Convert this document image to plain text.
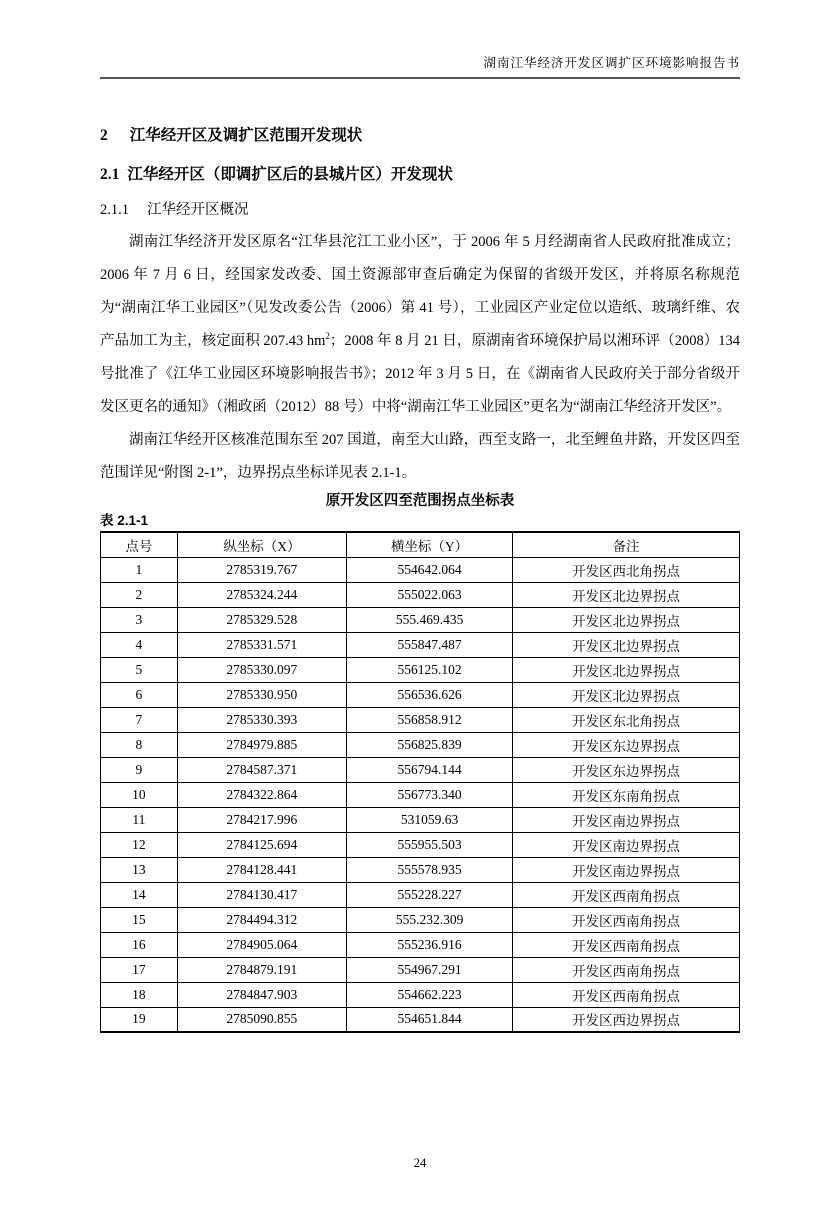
湖南江华经济开发区调扩区环境影响报告书
2 江华经开区及调扩区范围开发现状
2.1 江华经开区（即调扩区后的县城片区）开发现状
2.1.1 江华经开区概况

湖南江华经济开发区原名“江华县沱江工业小区”，于 2006 年 5 月经湖南省人民政府批准成立；2006 年 7 月 6 日，经国家发改委、国土资源部审查后确定为保留的省级开发区，并将原名称规范为“湖南江华工业园区”（见发改委公告（2006）第 41 号），工业园区产业定位以造纸、玻璃纤维、农产品加工为主，核定面积 207.43 $hm^2$；2008 年 8 月 21 日，原湖南省环境保护局以湘环评（2008）134 号批准了《江华工业园区环境影响报告书》；2012 年 3 月 5 日，在《湖南省人民政府关于部分省级开发区更名的通知》（湘政函（2012）88 号）中将“湖南江华工业园区”更名为“湖南江华经济开发区”。

湖南江华经开区核准范围东至 207 国道，南至大山路，西至支路一，北至鲤鱼井路，开发区四至范围详见“附图 2-1”，边界拐点坐标详见表 2.1-1。

原开发区四至范围拐点坐标表
表 2.1-1
点号	纵坐标（X）	横坐标（Y）	备注
1	2785319.767	554642.064	开发区西北角拐点
2	2785324.244	555022.063	开发区北边界拐点
3	2785329.528	555.469.435	开发区北边界拐点
4	2785331.571	555847.487	开发区北边界拐点
5	2785330.097	556125.102	开发区北边界拐点
6	2785330.950	556536.626	开发区北边界拐点
7	2785330.393	556858.912	开发区东北角拐点
8	2784979.885	556825.839	开发区东边界拐点
9	2784587.371	556794.144	开发区东边界拐点
10	2784322.864	556773.340	开发区东南角拐点
11	2784217.996	531059.63	开发区南边界拐点
12	2784125.694	555955.503	开发区南边界拐点
13	2784128.441	555578.935	开发区南边界拐点
14	2784130.417	555228.227	开发区西南角拐点
15	2784494.312	555.232.309	开发区西南角拐点
16	2784905.064	555236.916	开发区西南角拐点
17	2784879.191	554967.291	开发区西南角拐点
18	2784847.903	554662.223	开发区西南角拐点
19	2785090.855	554651.844	开发区西边界拐点
24
